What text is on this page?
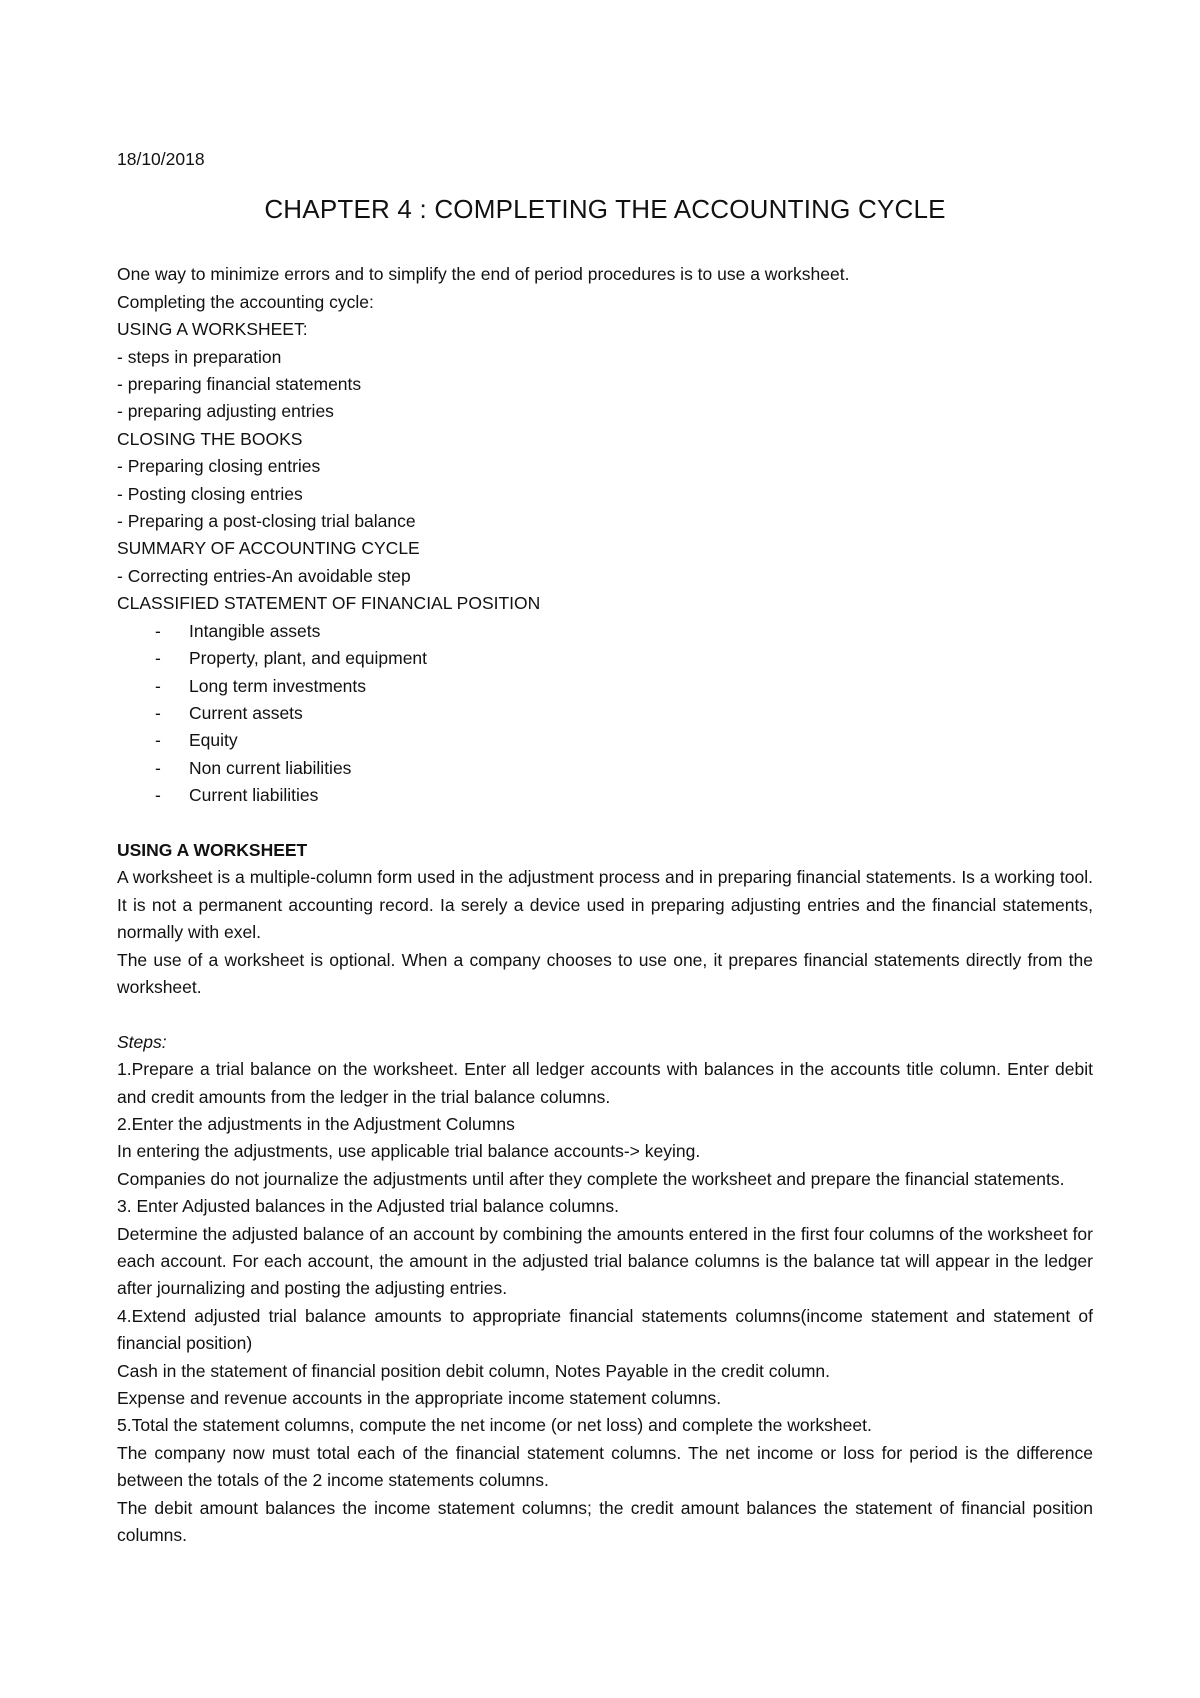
18/10/2018

CHAPTER 4 : COMPLETING THE ACCOUNTING CYCLE

One way to minimize errors and to simplify the end of period procedures is to use a worksheet.

Completing the accounting cycle:

USING A WORKSHEET:

- steps in preparation

- preparing financial statements

- preparing adjusting entries

CLOSING THE BOOKS

- Preparing closing entries

- Posting closing entries

- Preparing a post-closing trial balance

SUMMARY OF ACCOUNTING CYCLE

- Correcting entries-An avoidable step

CLASSIFIED STATEMENT OF FINANCIAL POSITION

- Intangible assets
- Property, plant, and equipment
- Long term investments
- Current assets
- Equity
- Non current liabilities
- Current liabilities

USING A WORKSHEET

A worksheet is a multiple-column form used in the adjustment process and in preparing financial statements. Is a working tool. It is not a permanent accounting record. Ia serely a device used in preparing adjusting entries and the financial statements, normally with exel.

The use of a worksheet is optional. When a company chooses to use one, it prepares financial statements directly from the worksheet.

Steps:

1.Prepare a trial balance on the worksheet. Enter all ledger accounts with balances in the accounts title column. Enter debit and credit amounts from the ledger in the trial balance columns.

2.Enter the adjustments in the Adjustment Columns

In entering the adjustments, use applicable trial balance accounts-> keying.

Companies do not journalize the adjustments until after they complete the worksheet and prepare the financial statements.

3. Enter Adjusted balances in the Adjusted trial balance columns.

Determine the adjusted balance of an account by combining the amounts entered in the first four columns of the worksheet for each account. For each account, the amount in the adjusted trial balance columns is the balance tat will appear in the ledger after journalizing and posting the adjusting entries.

4.Extend adjusted trial balance amounts to appropriate financial statements columns(income statement and statement of financial position)

Cash in the statement of financial position debit column, Notes Payable in the credit column.

Expense and revenue accounts in the appropriate income statement columns.

5.Total the statement columns, compute the net income (or net loss) and complete the worksheet.

The company now must total each of the financial statement columns. The net income or loss for period is the difference between the totals of the 2 income statements columns.

The debit amount balances the income statement columns; the credit amount balances the statement of financial position columns.
